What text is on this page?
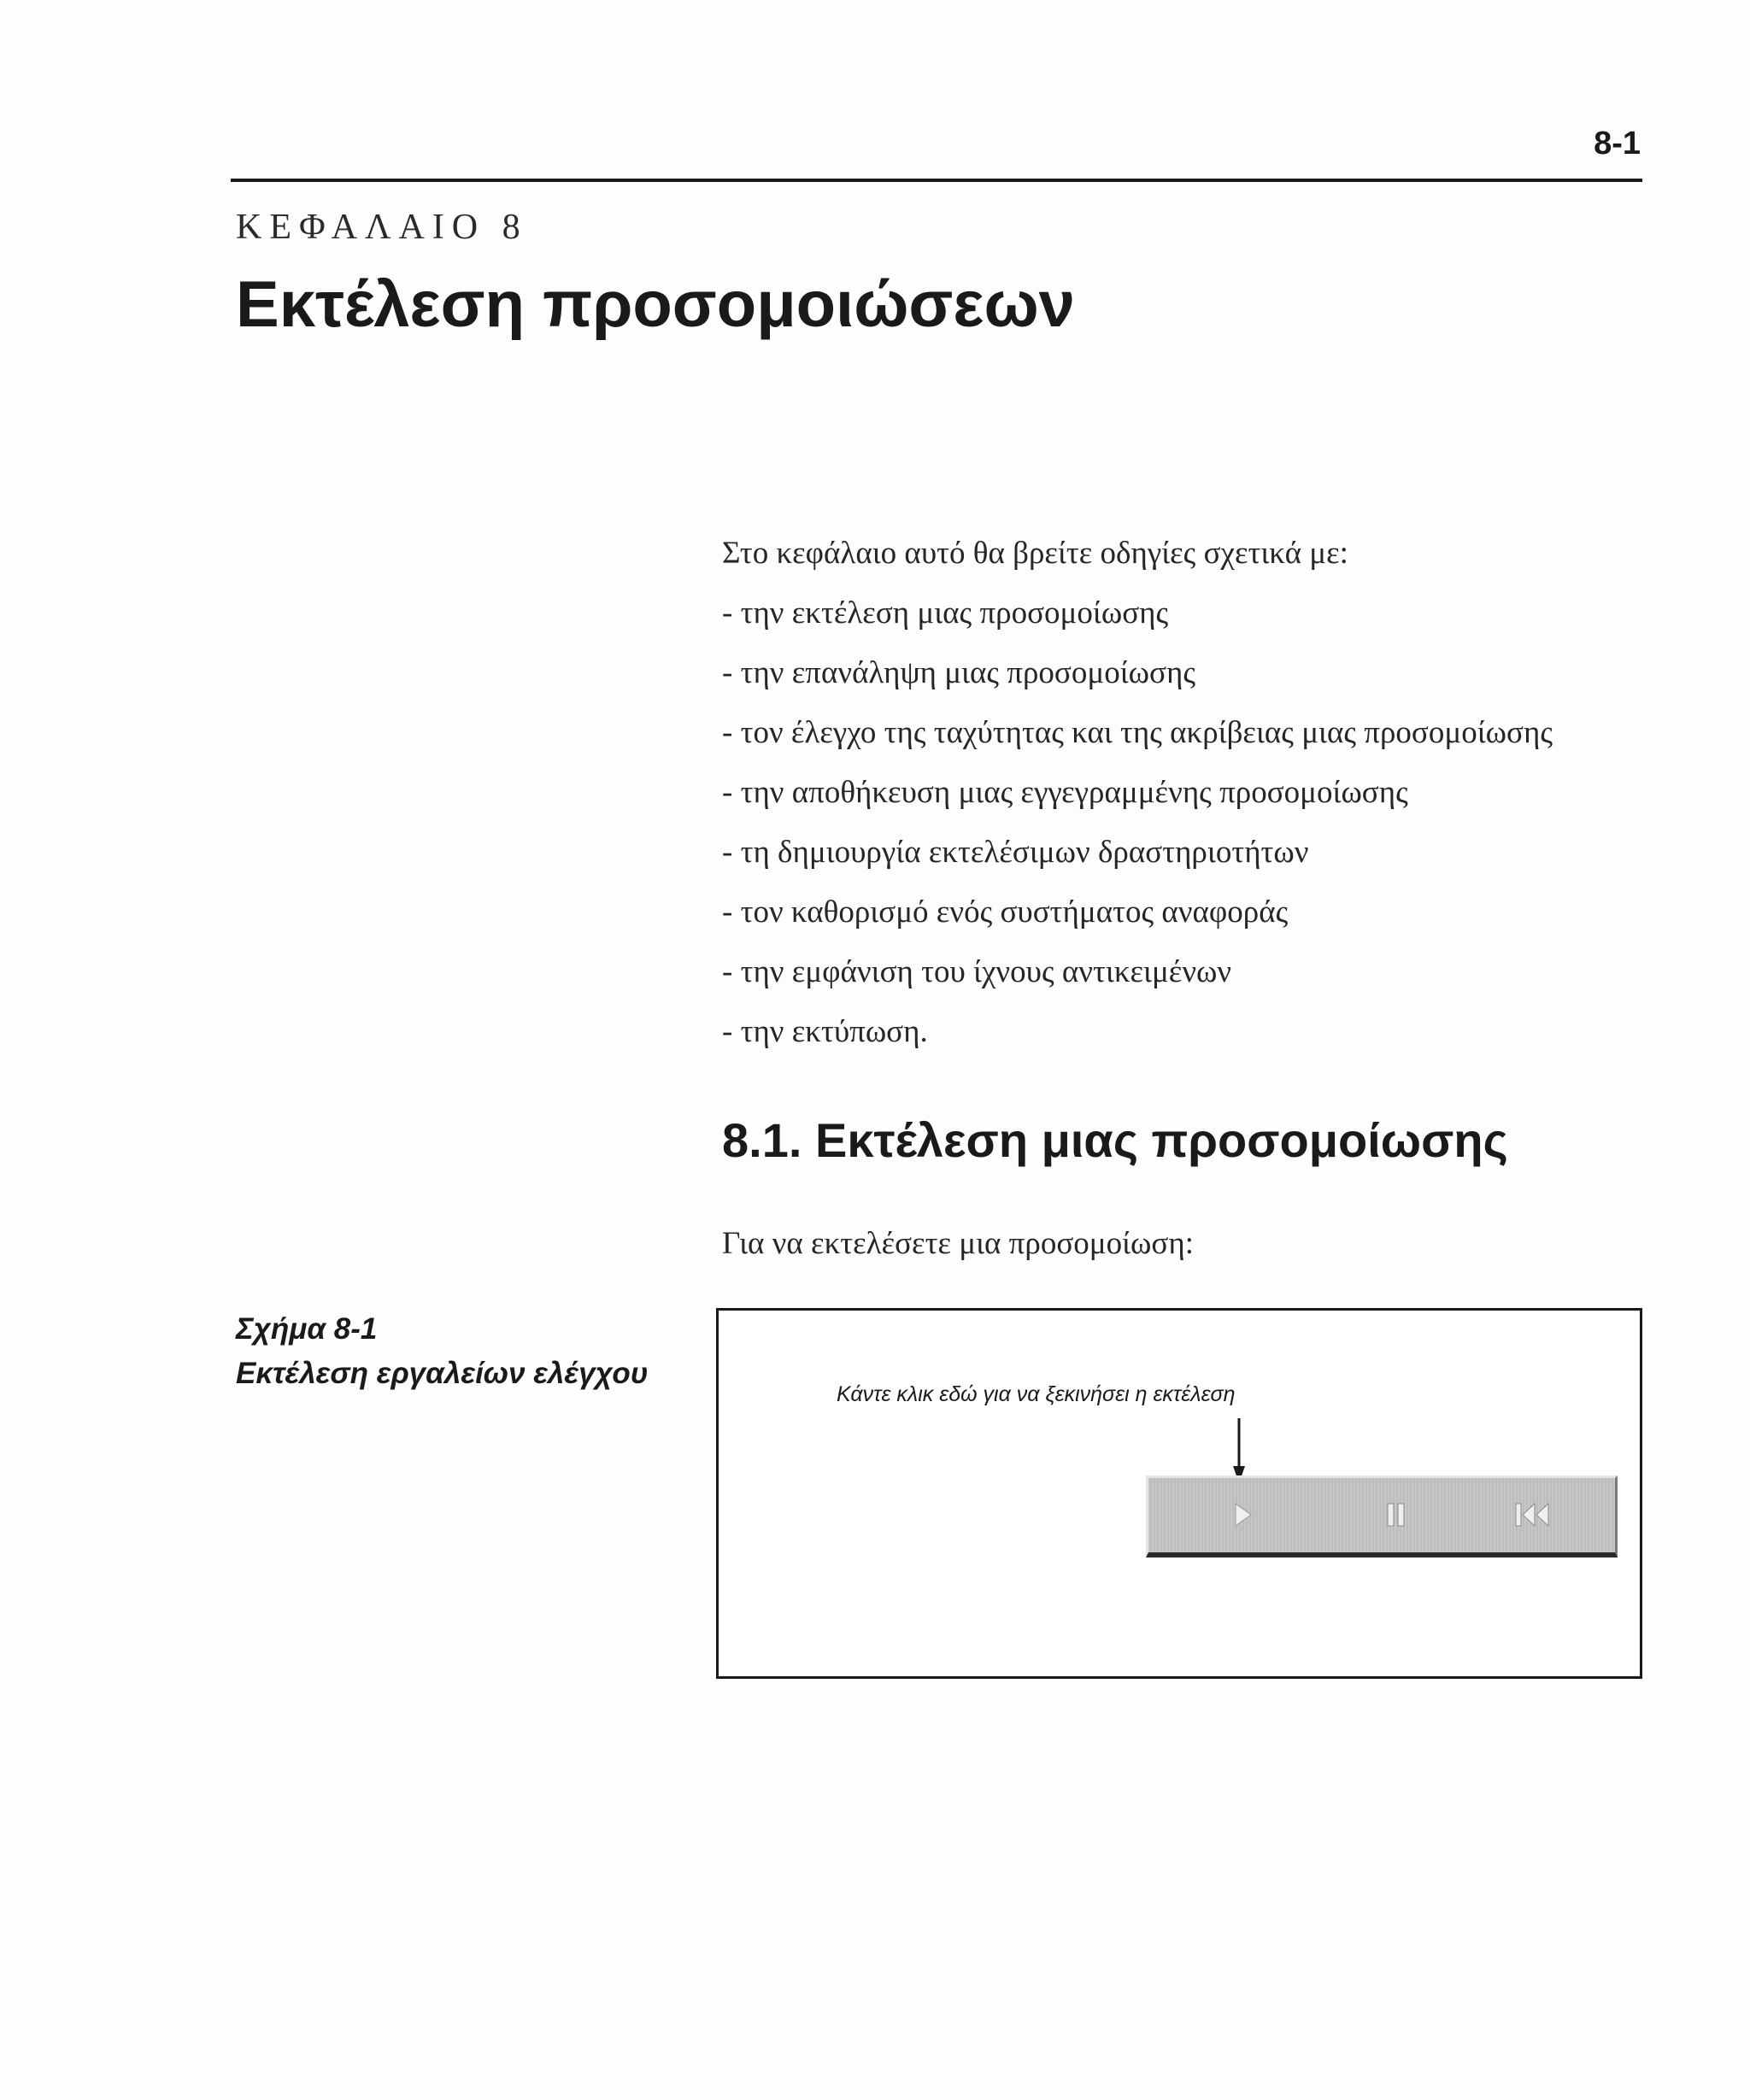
8-1
ΚΕΦΑΛΑΙΟ 8
Εκτέλεση προσομοιώσεων

Στο κεφάλαιο αυτό θα βρείτε οδηγίες σχετικά με:

- την εκτέλεση μιας προσομοίωσης

- την επανάληψη μιας προσομοίωσης

- τον έλεγχο της ταχύτητας και της ακρίβειας μιας προσομοίωσης

- την αποθήκευση μιας εγγεγραμμένης προσομοίωσης

- τη δημιουργία εκτελέσιμων δραστηριοτήτων

- τον καθορισμό ενός συστήματος αναφοράς

- την εμφάνιση του ίχνους αντικειμένων

- την εκτύπωση.

8.1. Εκτέλεση μιας προσομοίωσης
Για να εκτελέσετε μια προσομοίωση:
Σχήμα 8-1
Εκτέλεση εργαλείων ελέγχου
Κάντε κλικ εδώ για να ξεκινήσει η εκτέλεση
